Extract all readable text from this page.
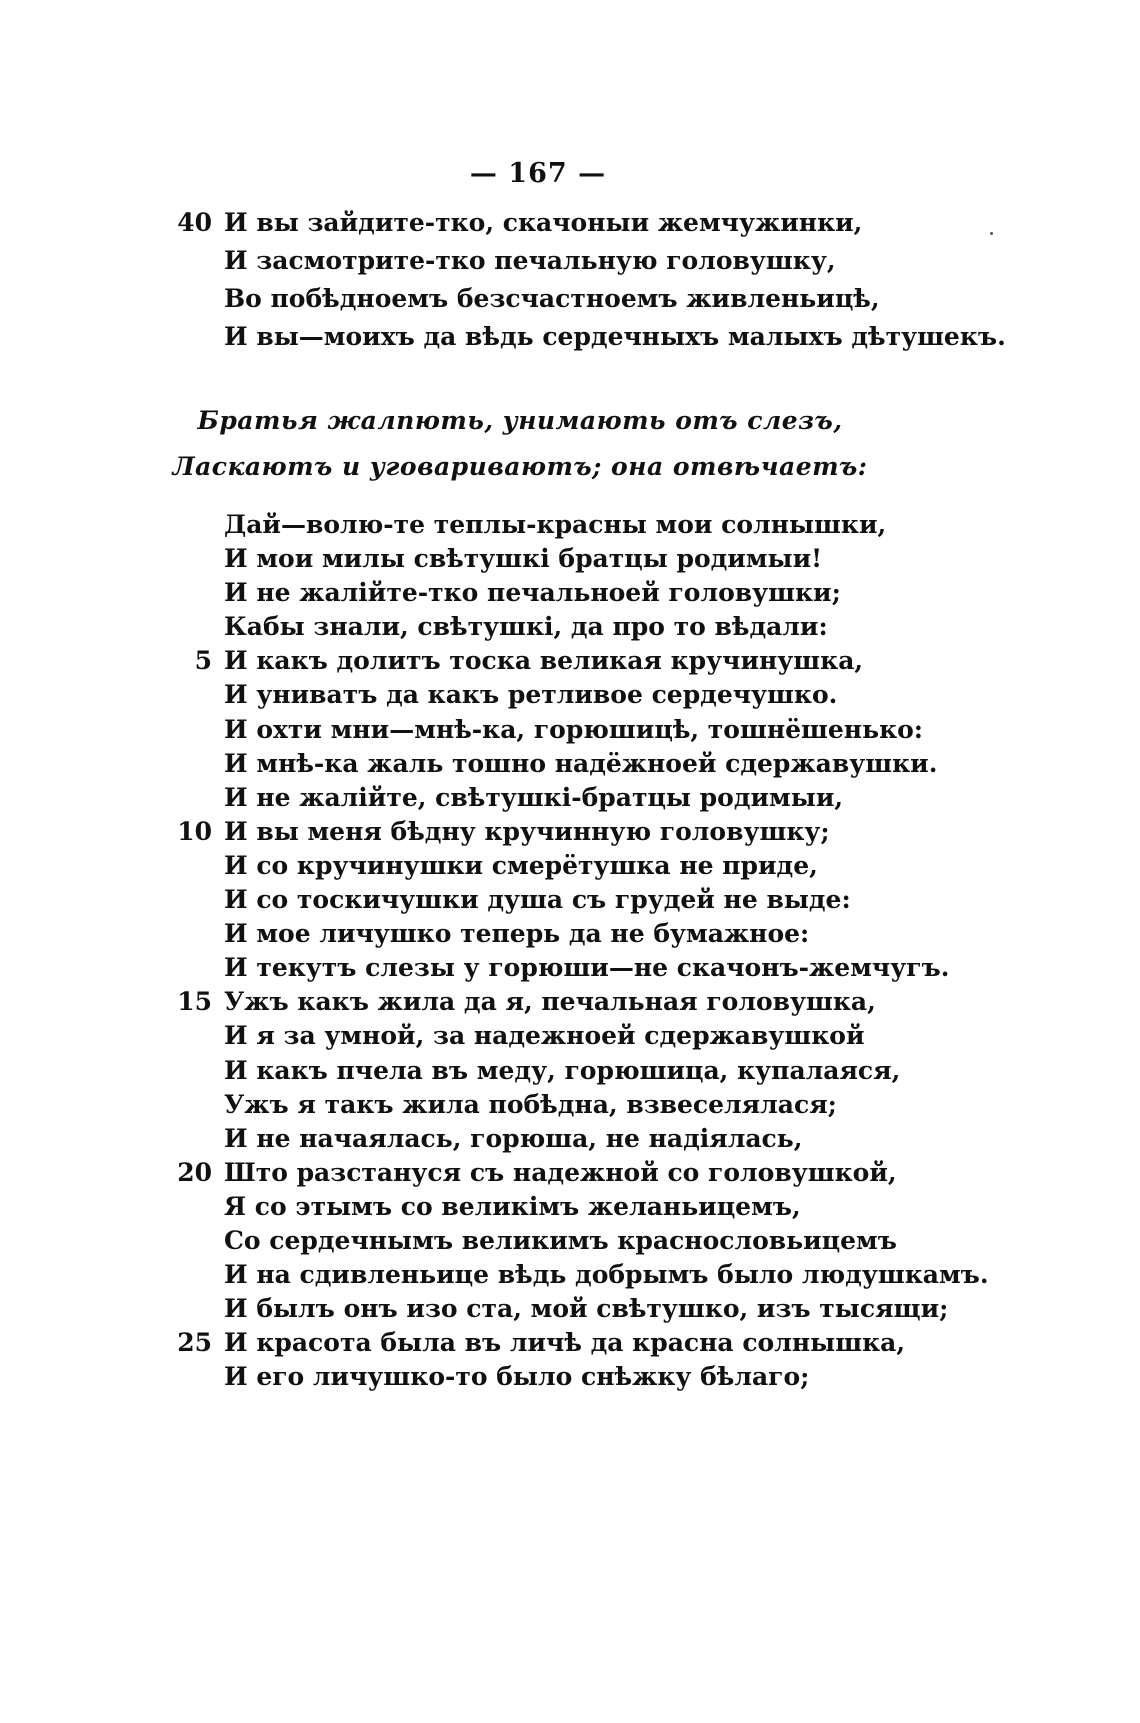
— 167 —
40 И вы зайдите-тко, скачоныи жемчужинки,
И засмотрите-тко печальную головушку,
Во побѣдноемъ безсчастноемъ живленьицѣ,
И вы—моихъ да вѣдь сердечныхъ малыхъ дѣтушекъ.
Братья жалпють, унимають отъ слезъ,
Ласкаютъ и уговариваютъ; она отвѣчаетъ:
Дай—волю-те теплы-красны мои солнышки,
И мои милы свѣтушкі братцы родимыи!
И не жалійте-тко печальноей головушки;
Кабы знали, свѣтушкі, да про то вѣдали:
5 И какъ долитъ тоска великая кручинушка,
И униватъ да какъ ретливое сердечушко.
И охти мни—мнѣ-ка, горюшицѣ, тошнёшенько:
И мнѣ-ка жаль тошно надёжноей сдержавушки.
И не жалійте, свѣтушкі-братцы родимыи,
10 И вы меня бѣдну кручинную головушку;
И со кручинушки смерётушка не приде,
И со тоскичушки душа съ грудей не выде:
И мое личушко теперь да не бумажное:
И текутъ слезы у горюши—не скачонъ-жемчугъ.
15 Ужъ какъ жила да я, печальная головушка,
И я за умной, за надежноей сдержавушкой
И какъ пчела въ меду, горюшица, купалаяся,
Ужъ я такъ жила побѣдна, взвеселялася;
И не начаялась, горюша, не надіялась,
20 Што разстануся съ надежной со головушкой,
Я со этымъ со великімъ желаньицемъ,
Со сердечнымъ великимъ краснословьицемъ
И на сдивленьице вѣдь добрымъ было людушкамъ.
И былъ онъ изо ста, мой свѣтушко, изъ тысящи;
25 И красота была въ личѣ да красна солнышка,
И его личушко-то было снѣжку бѣлаго;
